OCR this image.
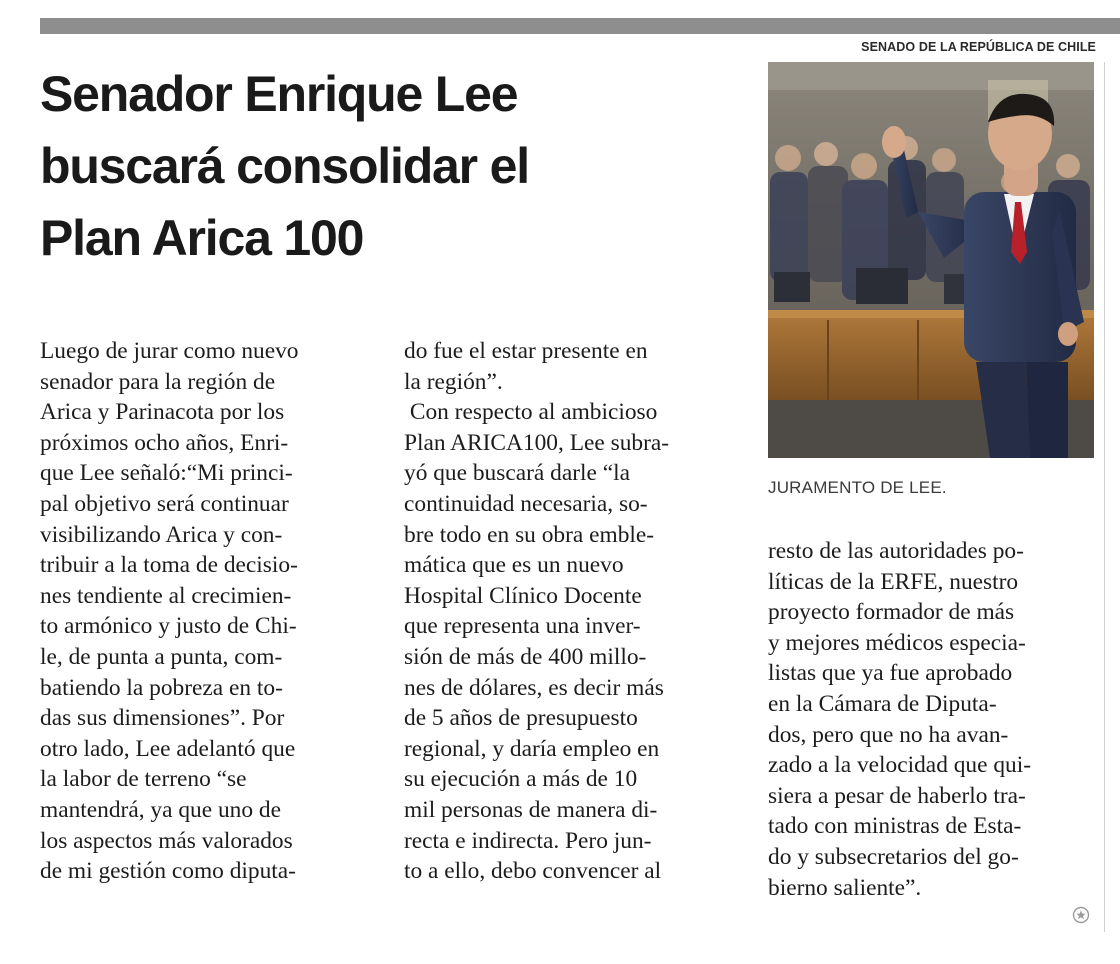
SENADO DE LA REPÚBLICA DE CHILE
Senador Enrique Lee
buscará consolidar el
Plan Arica 100
JURAMENTO DE LEE.

Luego de jurar como nuevo
senador para la región de
Arica y Parinacota por los
próximos ocho años, Enri-
que Lee señaló:“Mi princi-
pal objetivo será continuar
visibilizando Arica y con-
tribuir a la toma de decisio-
nes tendiente al crecimien-
to armónico y justo de Chi-
le, de punta a punta, com-
batiendo la pobreza en to-
das sus dimensiones”. Por
otro lado, Lee adelantó que
la labor de terreno “se
mantendrá, ya que uno de
los aspectos más valorados
de mi gestión como diputa-

do fue el estar presente en
la región”.
Con respecto al ambicioso
Plan ARICA100, Lee subra-
yó que buscará darle “la
continuidad necesaria, so-
bre todo en su obra emble-
mática que es un nuevo
Hospital Clínico Docente
que representa una inver-
sión de más de 400 millo-
nes de dólares, es decir más
de 5 años de presupuesto
regional, y daría empleo en
su ejecución a más de 10
mil personas de manera di-
recta e indirecta. Pero jun-
to a ello, debo convencer al

resto de las autoridades po-
líticas de la ERFE, nuestro
proyecto formador de más
y mejores médicos especia-
listas que ya fue aprobado
en la Cámara de Diputa-
dos, pero que no ha avan-
zado a la velocidad que qui-
siera a pesar de haberlo tra-
tado con ministras de Esta-
do y subsecretarios del go-
bierno saliente”.
